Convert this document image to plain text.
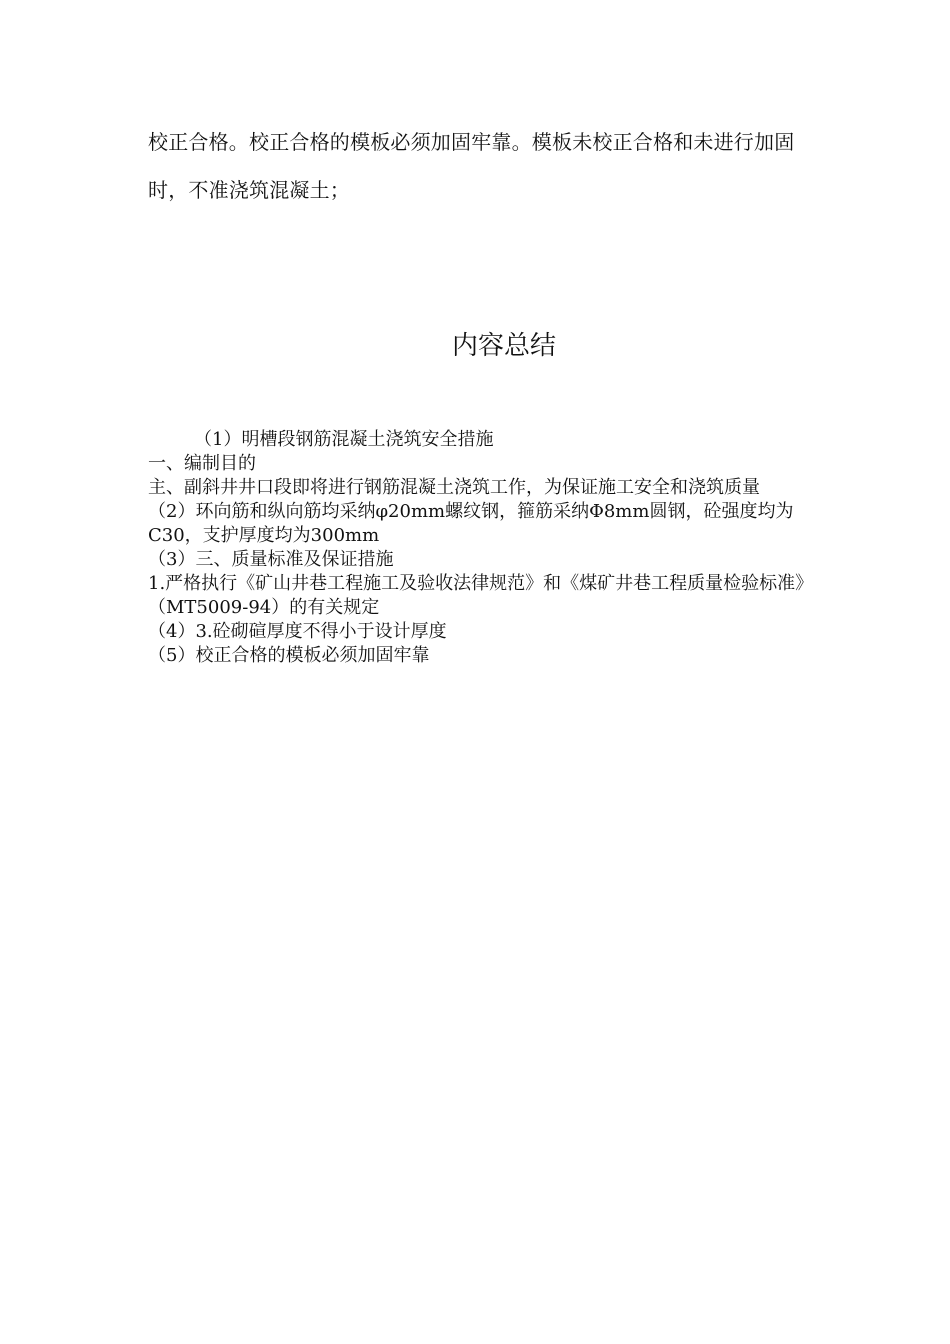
校正合格。校正合格的模板必须加固牢靠。模板未校正合格和未进行加固时，不准浇筑混凝土；

内容总结
（1）明槽段钢筋混凝土浇筑安全措施
一、编制目的
主、副斜井井口段即将进行钢筋混凝土浇筑工作，为保证施工安全和浇筑质量
（2）环向筋和纵向筋均采纳φ20mm螺纹钢，箍筋采纳Φ8mm圆钢，砼强度均为C30，支护厚度均为300mm
（3）三、质量标准及保证措施
1.严格执行《矿山井巷工程施工及验收法律规范》和《煤矿井巷工程质量检验标准》（MT5009-94）的有关规定
（4）3.砼砌碹厚度不得小于设计厚度
（5）校正合格的模板必须加固牢靠
